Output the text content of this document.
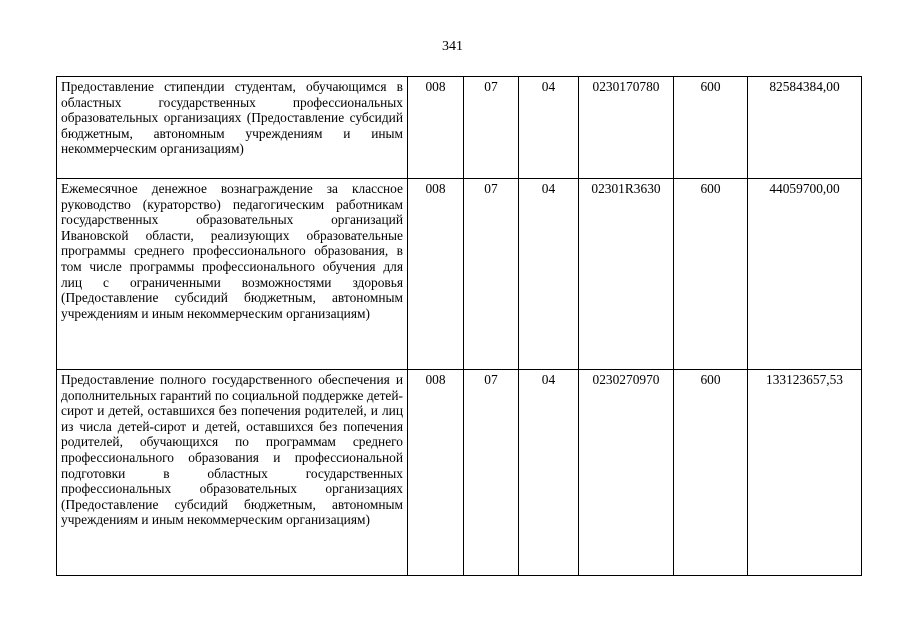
341
Предоставление стипендии студентам, обучающимся в областных государственных профессиональных образовательных организациях (Предоставление субсидий бюджетным, автономным учреждениям и иным некоммерческим организациям)	008	07	04	0230170780	600	82584384,00
Ежемесячное денежное вознаграждение за классное руководство (кураторство) педагогическим работникам государственных образовательных организаций Ивановской области, реализующих образовательные программы среднего профессионального образования, в том числе программы профессионального обучения для лиц с ограниченными возможностями здоровья (Предоставление субсидий бюджетным, автономным учреждениям и иным некоммерческим организациям)	008	07	04	02301R3630	600	44059700,00
Предоставление полного государственного обеспечения и дополнительных гарантий по социальной поддержке детей-сирот и детей, оставшихся без попечения родителей, и лиц из числа детей-сирот и детей, оставшихся без попечения родителей, обучающихся по программам среднего профессионального образования и профессиональной подготовки в областных государственных профессиональных образовательных организациях (Предоставление субсидий бюджетным, автономным учреждениям и иным некоммерческим организациям)	008	07	04	0230270970	600	133123657,53
